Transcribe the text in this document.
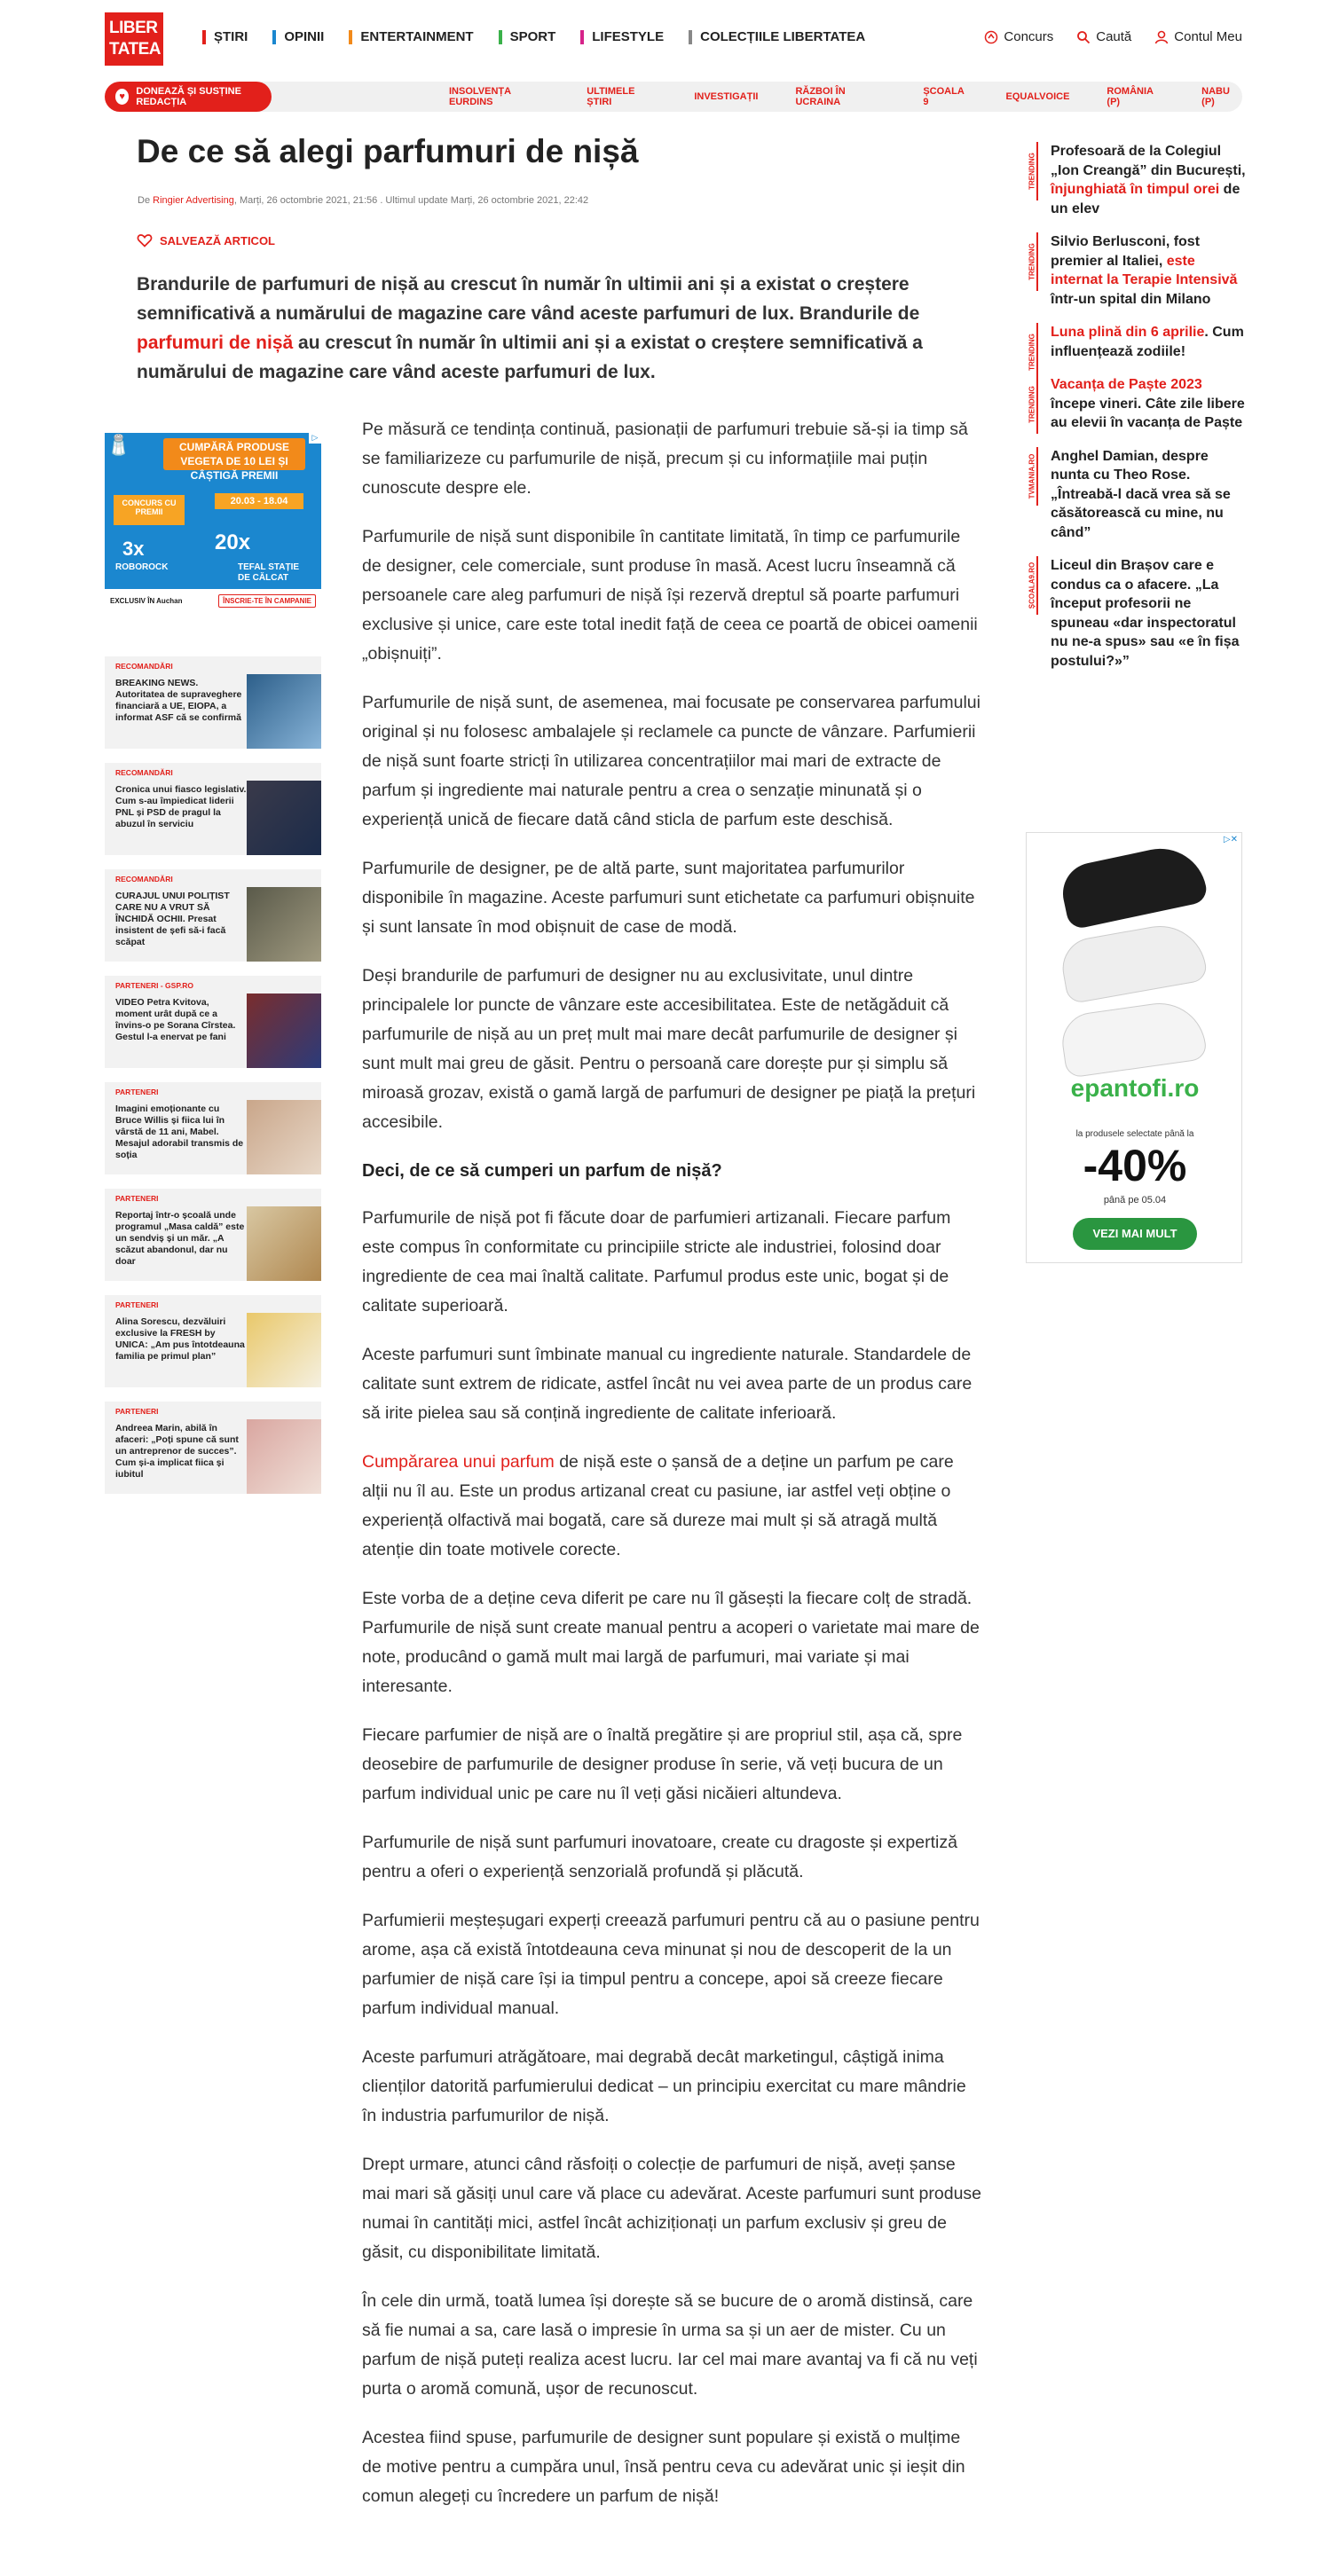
LIBER TATEA
ȘTIRI	OPINII	ENTERTAINMENT	SPORT	LIFESTYLE	COLECȚIILE LIBERTATEA	Concurs	Caută	Contul Meu
♥	DONEAZĂ ȘI SUSȚINE REDACȚIA
INSOLVENȚA EURDINS
ULTIMELE ȘTIRI	INVESTIGAȚII	RĂZBOI ÎN UCRAINA
ȘCOALA 9	EQUALVOICE	ROMÂNIA (P)
NABU (P)
De ce să alegi parfumuri de nișă
De Ringier Advertising, Marți, 26 octombrie 2021, 21:56 . Ultimul update Marți, 26 octombrie 2021, 22:42
SALVEAZĂ ARTICOL
Brandurile de parfumuri de nișă au crescut în număr în ultimii ani și a existat o creștere semnificativă a numărului de magazine care vând aceste parfumuri de lux. Brandurile de parfumuri de nișă au crescut în număr în ultimii ani și a existat o creștere semnificativă a numărului de magazine care vând aceste parfumuri de lux.
▷
🧂	CUMPĂRĂ PRODUSE VEGETA DE 10 LEI ȘI CÂȘTIGĂ PREMII
CONCURS CU PREMII
20.03 - 18.04
3x	20x
ROBOROCK	TEFAL STAȚIE DE CĂLCAT
EXCLUSIV ÎN Auchan	ÎNSCRIE-TE ÎN CAMPANIE
RECOMANDĂRI
BREAKING NEWS. Autoritatea de supraveghere financiară a UE, EIOPA, a informat ASF că se confirmă
RECOMANDĂRI
Cronica unui fiasco legislativ. Cum s-au împiedicat liderii PNL și PSD de pragul la abuzul în serviciu
RECOMANDĂRI
CURAJUL UNUI POLIȚIST CARE NU A VRUT SĂ ÎNCHIDĂ OCHII. Presat insistent de șefi să-i facă scăpat
PARTENERI - GSP.RO
VIDEO Petra Kvitova, moment urât după ce a învins-o pe Sorana Cîrstea. Gestul l-a enervat pe fani
PARTENERI
Imagini emoționante cu Bruce Willis și fiica lui în vârstă de 11 ani, Mabel. Mesajul adorabil transmis de soția
PARTENERI
Reportaj într-o școală unde programul „Masa caldă” este un sendviș și un măr. „A scăzut abandonul, dar nu doar
PARTENERI
Alina Sorescu, dezvăluiri exclusive la FRESH by UNICA: „Am pus întotdeauna familia pe primul plan”
PARTENERI
Andreea Marin, abilă în afaceri: „Poți spune că sunt un antreprenor de succes”. Cum și-a implicat fiica și iubitul

Pe măsură ce tendința continuă, pasionații de parfumuri trebuie să-și ia timp să se familiarizeze cu parfumurile de nișă, precum și cu informațiile mai puțin cunoscute despre ele.

Parfumurile de nișă sunt disponibile în cantitate limitată, în timp ce parfumurile de designer, cele comerciale, sunt produse în masă. Acest lucru înseamnă că persoanele care aleg parfumuri de nișă își rezervă dreptul să poarte parfumuri exclusive și unice, care este total inedit față de ceea ce poartă de obicei oamenii „obișnuiți”.

Parfumurile de nișă sunt, de asemenea, mai focusate pe conservarea parfumului original și nu folosesc ambalajele și reclamele ca puncte de vânzare. Parfumierii de nișă sunt foarte stricți în utilizarea concentrațiilor mai mari de extracte de parfum și ingrediente mai naturale pentru a crea o senzație minunată și o experiență unică de fiecare dată când sticla de parfum este deschisă.

Parfumurile de designer, pe de altă parte, sunt majoritatea parfumurilor disponibile în magazine. Aceste parfumuri sunt etichetate ca parfumuri obișnuite și sunt lansate în mod obișnuit de case de modă.

Deși brandurile de parfumuri de designer nu au exclusivitate, unul dintre principalele lor puncte de vânzare este accesibilitatea. Este de netăgăduit că parfumurile de nișă au un preț mult mai mare decât parfumurile de designer și sunt mult mai greu de găsit. Pentru o persoană care dorește pur și simplu să miroasă grozav, există o gamă largă de parfumuri de designer pe piață la prețuri accesibile.

Deci, de ce să cumperi un parfum de nișă?

Parfumurile de nișă pot fi făcute doar de parfumieri artizanali. Fiecare parfum este compus în conformitate cu principiile stricte ale industriei, folosind doar ingrediente de cea mai înaltă calitate. Parfumul produs este unic, bogat și de calitate superioară.

Aceste parfumuri sunt îmbinate manual cu ingrediente naturale. Standardele de calitate sunt extrem de ridicate, astfel încât nu vei avea parte de un produs care să irite pielea sau să conțină ingrediente de calitate inferioară.

Cumpărarea unui parfum de nișă este o șansă de a deține un parfum pe care alții nu îl au. Este un produs artizanal creat cu pasiune, iar astfel veți obține o experiență olfactivă mai bogată, care să dureze mai mult și să atragă multă atenție din toate motivele corecte.

Este vorba de a deține ceva diferit pe care nu îl găsești la fiecare colț de stradă. Parfumurile de nișă sunt create manual pentru a acoperi o varietate mai mare de note, producând o gamă mult mai largă de parfumuri, mai variate și mai interesante.

Fiecare parfumier de nișă are o înaltă pregătire și are propriul stil, așa că, spre deosebire de parfumurile de designer produse în serie, vă veți bucura de un parfum individual unic pe care nu îl veți găsi nicăieri altundeva.

Parfumurile de nișă sunt parfumuri inovatoare, create cu dragoste și expertiză pentru a oferi o experiență senzorială profundă și plăcută.

Parfumierii meșteșugari experți creează parfumuri pentru că au o pasiune pentru arome, așa că există întotdeauna ceva minunat și nou de descoperit de la un parfumier de nișă care își ia timpul pentru a concepe, apoi să creeze fiecare parfum individual manual.

Aceste parfumuri atrăgătoare, mai degrabă decât marketingul, câștigă inima clienților datorită parfumierului dedicat – un principiu exercitat cu mare mândrie în industria parfumurilor de nișă.

Drept urmare, atunci când răsfoiți o colecție de parfumuri de nișă, aveți șanse mai mari să găsiți unul care vă place cu adevărat. Aceste parfumuri sunt produse numai în cantități mici, astfel încât achiziționați un parfum exclusiv și greu de găsit, cu disponibilitate limitată.

În cele din urmă, toată lumea își dorește să se bucure de o aromă distinsă, care să fie numai a sa, care lasă o impresie în urma sa și un aer de mister. Cu un parfum de nișă puteți realiza acest lucru. Iar cel mai mare avantaj va fi că nu veți purta o aromă comună, ușor de recunoscut.

Acestea fiind spuse, parfumurile de designer sunt populare și există o mulțime de motive pentru a cumpăra unul, însă pentru ceva cu adevărat unic și ieșit din comun alegeți cu încredere un parfum de nișă!

TRENDING
Profesoară de la Colegiul „Ion Creangă” din București, înjunghiată în timpul orei de un elev
TRENDING
Silvio Berlusconi, fost premier al Italiei, este internat la Terapie Intensivă într-un spital din Milano
TRENDING
Luna plină din 6 aprilie. Cum influențează zodiile!
TRENDING
Vacanța de Paște 2023 începe vineri. Câte zile libere au elevii în vacanța de Paște
TVMANIA.RO Anghel Damian, despre nunta cu Theo Rose. „Întreabă-l dacă vrea să se căsătorească cu mine, nu când”
ȘCOALA9.RO Liceul din Brașov care e condus ca o afacere. „La început profesorii ne spuneau «dar inspectoratul nu ne-a spus» sau «e în fișa postului?»”
▷✕
epantofi.ro
la produsele selectate până la
-40%
până pe 05.04
VEZI MAI MULT
